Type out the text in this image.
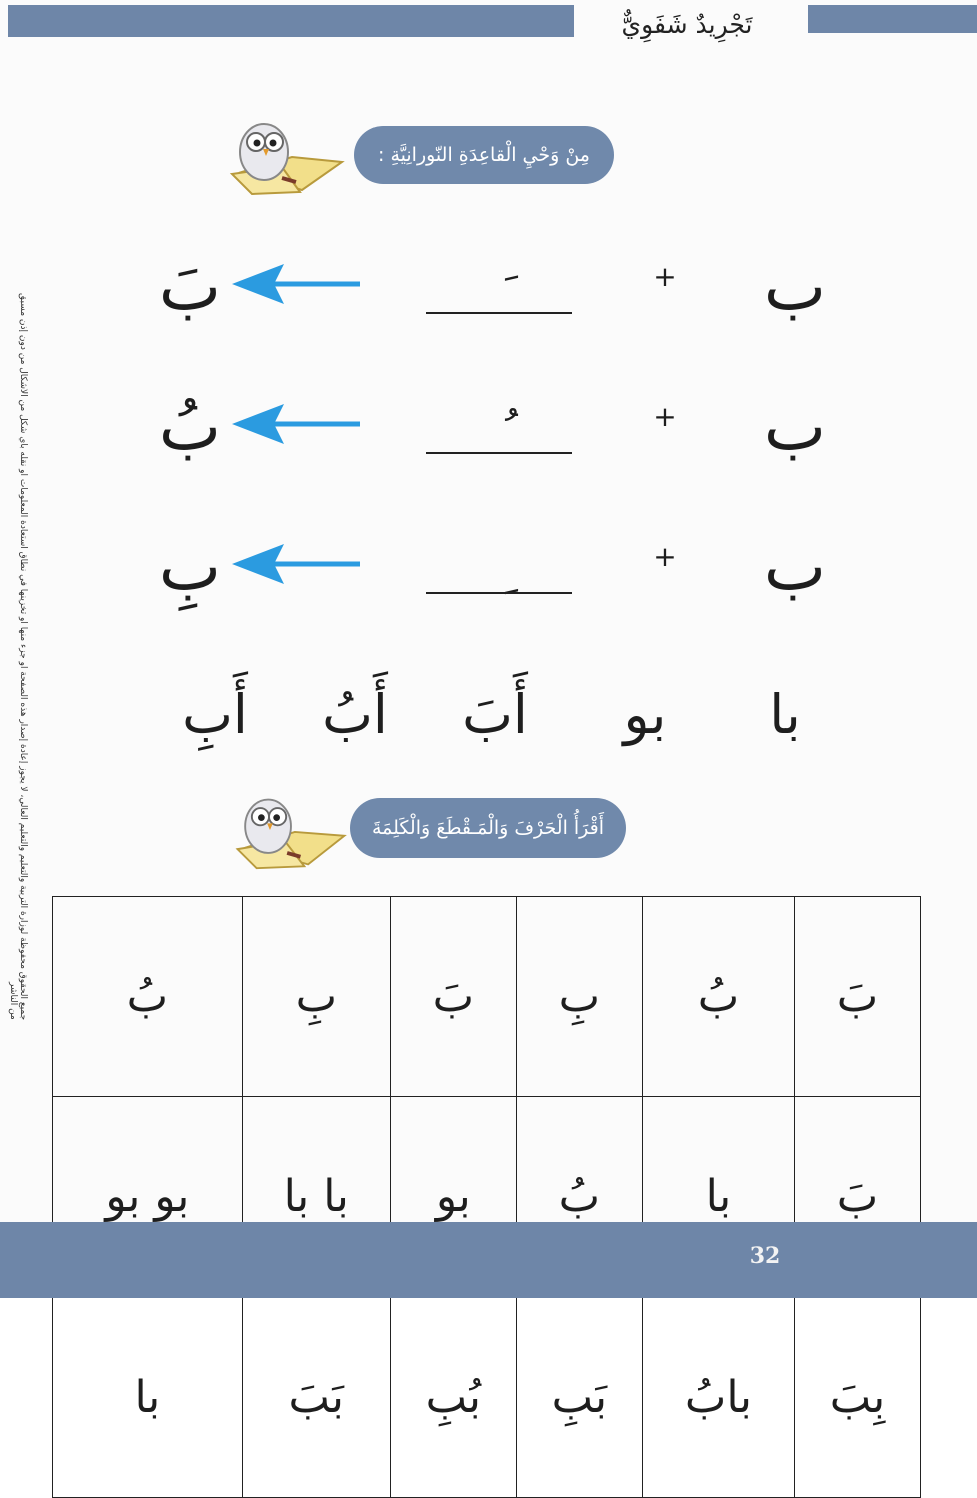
تَجْرِيدٌ شَفَوِيٌّ
جميع الحقوق محفوظة لوزارة التربية والتعليم والتعليم العالي، لا يجوز إعادة إصدار هذه الصفحة أو جزء منها أو تخزينها في نطاق استعادة المعلومات أو نقله بأي شكل من الأشكال من دون إذن مسبق من الناشر
مِنْ وَحْيِ الْقاعِدَةِ النّورانِيَّةِ :
ب
+
بَ
ب
+
بُ
ب
+
بِ
با
بو
أَبَ
أَبُ
أَبِ
أَقْرَأُ الْحَرْفَ وَالْمَـقْطَعَ وَالْكَلِمَةَ
بَ	بُ	بِ	بَ	بِ	بُ
بَ	با	بُ	بو	با با	بو بو
بِبَ	بابُ	بَبِ	بُبِ	بَبَ	با
32
